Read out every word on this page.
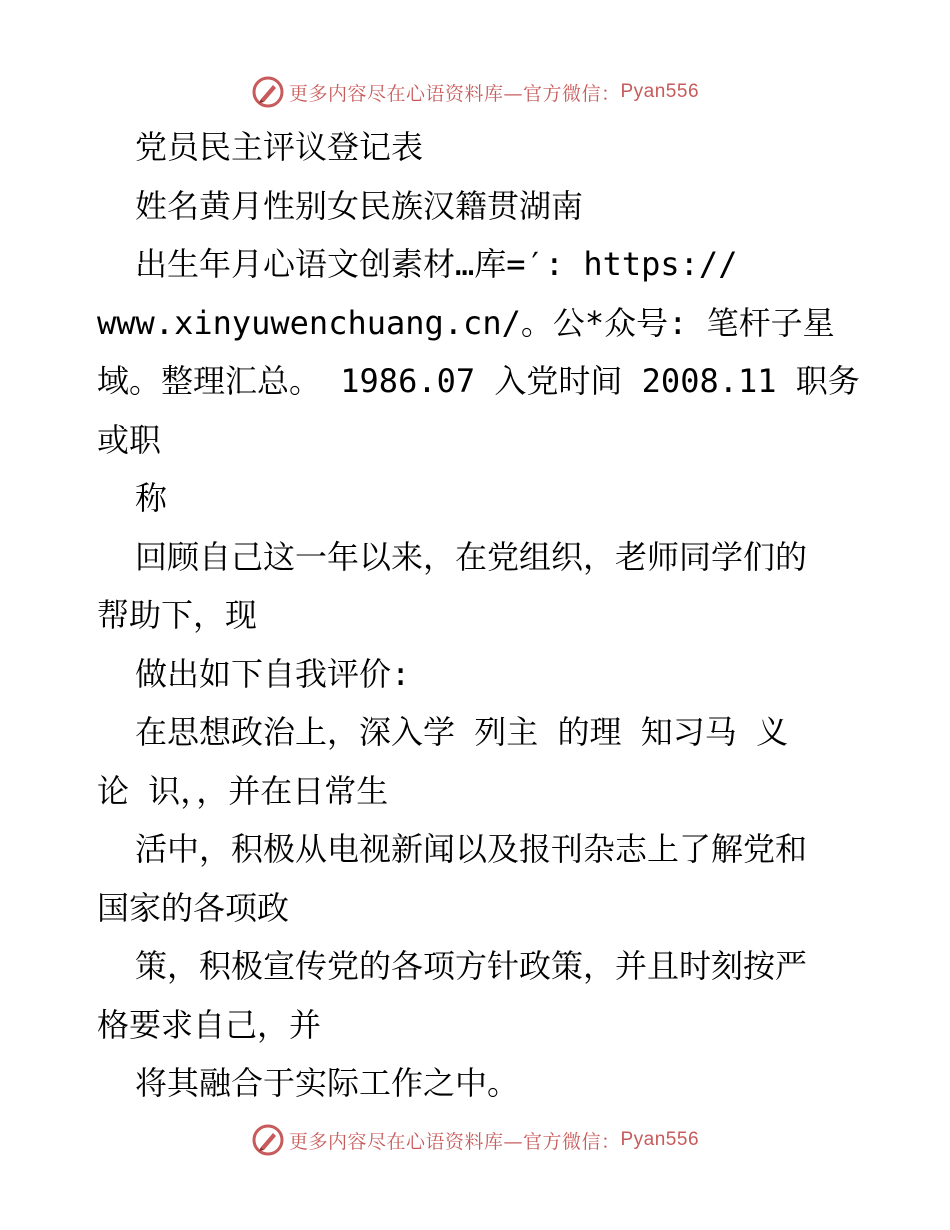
更多内容尽在心语资料库—官方微信： Pyan556
党员民主评议登记表
姓名黄月性别女民族汉籍贯湖南
出生年月心语文创素材…库=′: https://
www.xinyuwenchuang.cn/。公*众号: 笔杆子星
域。整理汇总。 1986.07 入党时间 2008.11 职务
或职
称
回顾自己这一年以来，在党组织，老师同学们的
帮助下，现
做出如下自我评价:
在思想政治上，深入学 列主 的理 知习马 义
论 识，，并在日常生
活中，积极从电视新闻以及报刊杂志上了解党和
国家的各项政
策，积极宣传党的各项方针政策，并且时刻按严
格要求自己，并
将其融合于实际工作之中。
更多内容尽在心语资料库—官方微信： Pyan556
